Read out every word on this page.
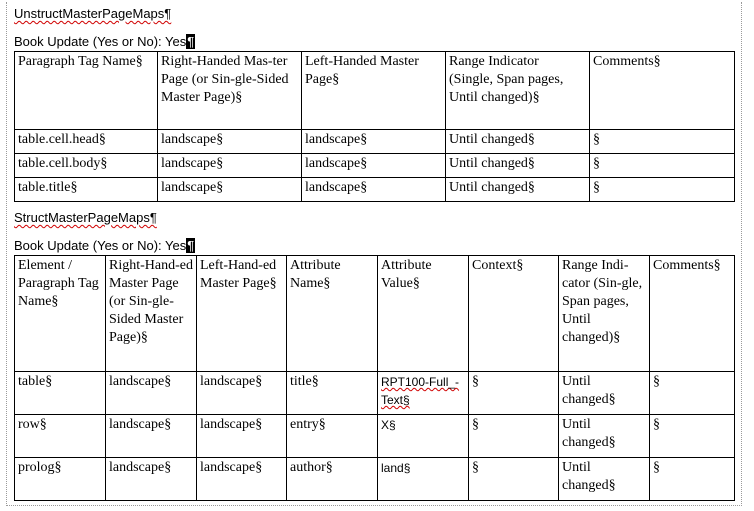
UnstructMasterPageMaps¶
Book Update (Yes or No): Yes¶
Paragraph Tag Name§	Right-Handed Mas-ter Page (or Sin-gle-Sided Master Page)§	Left-Handed Master Page§	Range Indicator (Single, Span pages, Until changed)§	Comments§
table.cell.head§	landscape§	landscape§	Until changed§	§
table.cell.body§	landscape§	landscape§	Until changed§	§
table.title§	landscape§	landscape§	Until changed§	§
StructMasterPageMaps¶
Book Update (Yes or No): Yes¶
Element / Paragraph Tag Name§	Right-Hand-ed Master Page (or Sin-gle-Sided Master Page)§	Left-Hand-ed Master Page§	Attribute Name§	Attribute Value§	Context§	Range Indi-cator (Sin-gle, Span pages, Until changed)§	Comments§
table§	landscape§	landscape§	title§	RPT100-Full_-Text§	§	Until changed§	§
row§	landscape§	landscape§	entry§	X§	§	Until changed§	§
prolog§	landscape§	landscape§	author§	land§	§	Until changed§	§
